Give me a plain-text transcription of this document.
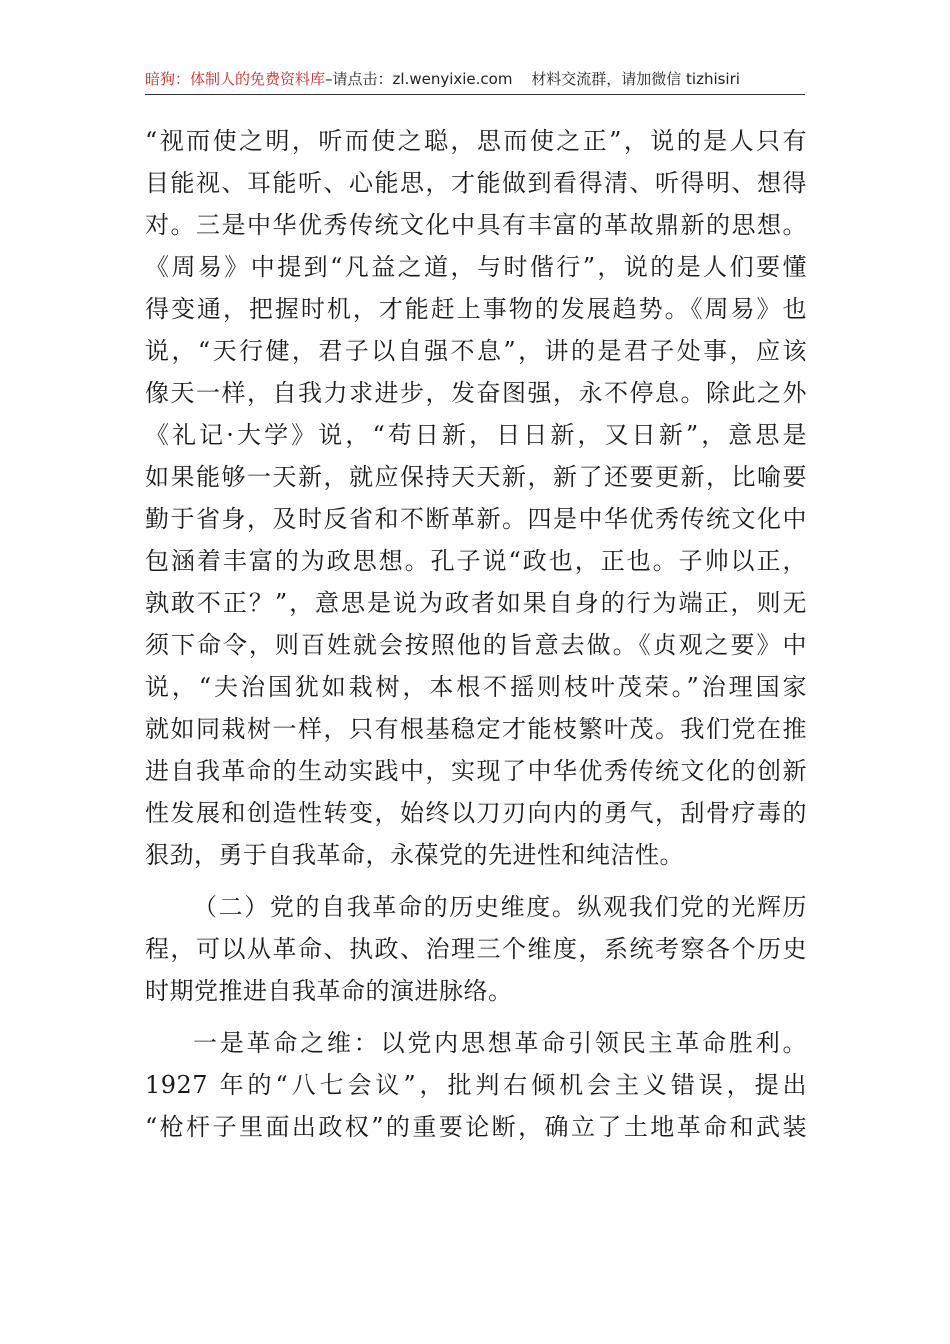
暗狗：体制人的免费资料库–请点击：zl.wenyixie.com 材料交流群，请加微信 tizhisiri
“视而使之明，听而使之聪，思而使之正”，说的是人只有
目能视、耳能听、心能思，才能做到看得清、听得明、想得
对。三是中华优秀传统文化中具有丰富的革故鼎新的思想。
《周易》中提到“凡益之道，与时偕行”，说的是人们要懂
得变通，把握时机，才能赶上事物的发展趋势。《周易》也
说，“天行健，君子以自强不息”，讲的是君子处事，应该
像天一样，自我力求进步，发奋图强，永不停息。除此之外
《礼记·大学》说，“苟日新，日日新，又日新”，意思是
如果能够一天新，就应保持天天新，新了还要更新，比喻要
勤于省身，及时反省和不断革新。四是中华优秀传统文化中
包涵着丰富的为政思想。孔子说“政也，正也。子帅以正，
孰敢不正？”，意思是说为政者如果自身的行为端正，则无
须下命令，则百姓就会按照他的旨意去做。《贞观之要》中
说，“夫治国犹如栽树，本根不摇则枝叶茂荣。”治理国家
就如同栽树一样，只有根基稳定才能枝繁叶茂。我们党在推
进自我革命的生动实践中，实现了中华优秀传统文化的创新
性发展和创造性转变，始终以刀刃向内的勇气，刮骨疗毒的
狠劲，勇于自我革命，永葆党的先进性和纯洁性。
（二）党的自我革命的历史维度。纵观我们党的光辉历
程，可以从革命、执政、治理三个维度，系统考察各个历史
时期党推进自我革命的演进脉络。
一是革命之维：以党内思想革命引领民主革命胜利。
1927 年的“八七会议”，批判右倾机会主义错误，提出
“枪杆子里面出政权”的重要论断，确立了土地革命和武装
